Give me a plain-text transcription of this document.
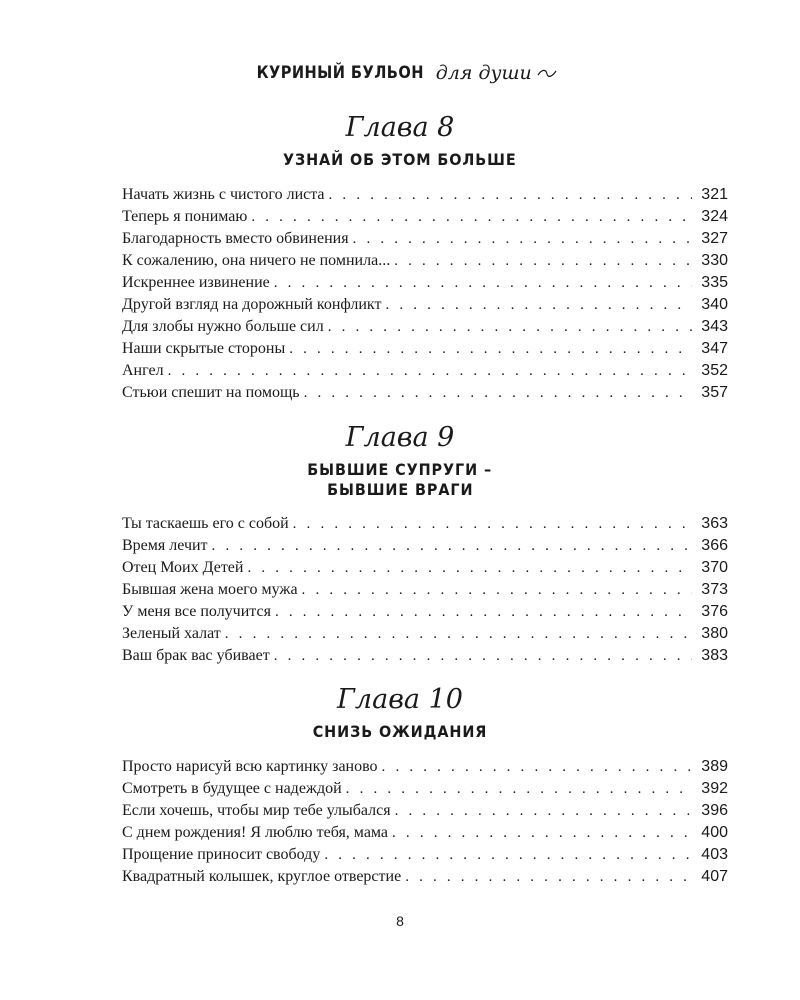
КУРИНЫЙ БУЛЬОН для души
Глава 8
УЗНАЙ ОБ ЭТОМ БОЛЬШЕ
Начать жизнь с чистого листа . . .	321
Теперь я понимаю . . .	324
Благодарность вместо обвинения . . .	327
К сожалению, она ничего не помнила... . . .	330
Искреннее извинение . . .	335
Другой взгляд на дорожный конфликт . . .	340
Для злобы нужно больше сил . . .	343
Наши скрытые стороны . . .	347
Ангел . . .	352
Стьюи спешит на помощь . . .	357
Глава 9
БЫВШИЕ СУПРУГИ –
БЫВШИЕ ВРАГИ
Ты таскаешь его с собой . . .	363
Время лечит . . .	366
Отец Моих Детей . . .	370
Бывшая жена моего мужа . . .	373
У меня все получится . . .	376
Зеленый халат . . .	380
Ваш брак вас убивает . . .	383
Глава 10
СНИЗЬ ОЖИДАНИЯ
Просто нарисуй всю картинку заново . . .	389
Смотреть в будущее с надеждой . . .	392
Если хочешь, чтобы мир тебе улыбался . . .	396
С днем рождения! Я люблю тебя, мама . . .	400
Прощение приносит свободу . . .	403
Квадратный колышек, круглое отверстие . . .	407
8
